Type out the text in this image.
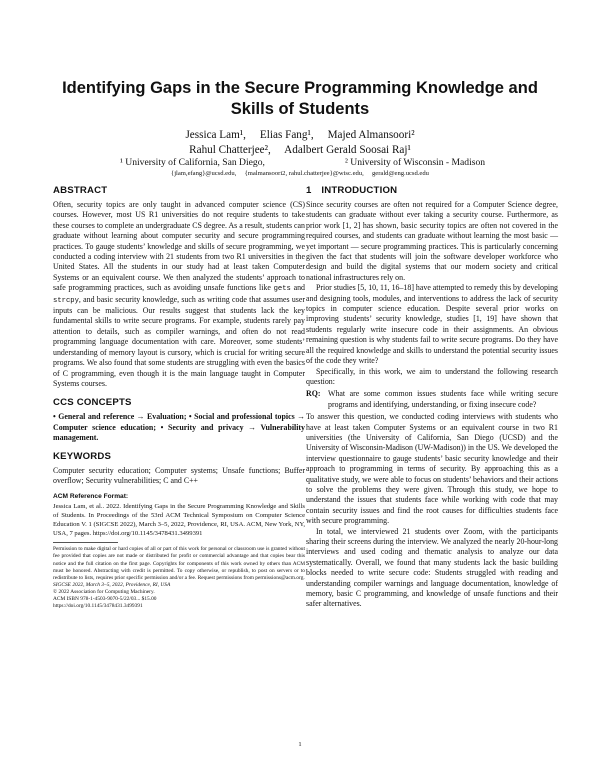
Identifying Gaps in the Secure Programming Knowledge and Skills of Students
Jessica Lam¹,  Elias Fang¹,  Majed Almansoori²
Rahul Chatterjee²,  Adalbert Gerald Soosai Raj¹
¹ University of California, San Diego,	² University of Wisconsin - Madison
{jlam,efang}@ucsd.edu,  {malmansoori2, rahul.chatterjee}@wisc.edu,  gerald@eng.ucsd.edu
ABSTRACT

Often, security topics are only taught in advanced computer science (CS) courses. However, most US R1 universities do not require students to take these courses to complete an undergraduate CS degree. As a result, students can graduate without learning about computer security and secure programming practices. To gauge students’ knowledge and skills of secure programming, we conducted a coding interview with 21 students from two R1 universities in the United States. All the students in our study had at least taken Computer Systems or an equivalent course. We then analyzed the students’ approach to safe programming practices, such as avoiding unsafe functions like gets and strcpy, and basic security knowledge, such as writing code that assumes user inputs can be malicious. Our results suggest that students lack the key fundamental skills to write secure programs. For example, students rarely pay attention to details, such as compiler warnings, and often do not read programming language documentation with care. Moreover, some students’ understanding of memory layout is cursory, which is crucial for writing secure programs. We also found that some students are struggling with even the basics of C programming, even though it is the main language taught in Computer Systems courses.

CCS CONCEPTS

• General and reference → Evaluation; • Social and professional topics → Computer science education; • Security and privacy → Vulnerability management.

KEYWORDS

Computer security education; Computer systems; Unsafe functions; Buffer overflow; Security vulnerabilities; C and C++

ACM Reference Format:

Jessica Lam, et al.. 2022. Identifying Gaps in the Secure Programming Knowledge and Skills of Students. In Proceedings of the 53rd ACM Technical Symposium on Computer Science Education V. 1 (SIGCSE 2022), March 3–5, 2022, Providence, RI, USA. ACM, New York, NY, USA, 7 pages. https://doi.org/10.1145/3478431.3499391

Permission to make digital or hard copies of all or part of this work for personal or classroom use is granted without fee provided that copies are not made or distributed for profit or commercial advantage and that copies bear this notice and the full citation on the first page. Copyrights for components of this work owned by others than ACM must be honored. Abstracting with credit is permitted. To copy otherwise, or republish, to post on servers or to redistribute to lists, requires prior specific permission and/or a fee. Request permissions from permissions@acm.org.

SIGCSE 2022, March 3–5, 2022, Providence, RI, USA

© 2022 Association for Computing Machinery.

ACM ISBN 978-1-4503-9070-5/22/03... $15.00

https://doi.org/10.1145/3478431.3499391

1 INTRODUCTION

Since security courses are often not required for a Computer Science degree, students can graduate without ever taking a security course. Furthermore, as prior work [1, 2] has shown, basic security topics are often not covered in the required courses, and students can graduate without learning the most basic — yet important — secure programming practices. This is particularly concerning given the fact that students will join the software developer workforce who design and build the digital systems that our modern society and critical national infrastructures rely on.

Prior studies [5, 10, 11, 16–18] have attempted to remedy this by developing and designing tools, modules, and interventions to address the lack of security topics in computer science education. Despite several prior works on improving students’ security knowledge, studies [1, 19] have shown that students regularly write insecure code in their assignments. An obvious remaining question is why students fail to write secure programs. Do they have all the required knowledge and skills to understand the potential security issues of the code they write?

Specifically, in this work, we aim to understand the following research question:

RQ: What are some common issues students face while writing secure programs and identifying, understanding, or fixing insecure code?

To answer this question, we conducted coding interviews with students who have at least taken Computer Systems or an equivalent course in two R1 universities (the University of California, San Diego (UCSD) and the University of Wisconsin-Madison (UW-Madison)) in the US. We developed the interview questionnaire to gauge students’ basic security knowledge and their approach to programming in terms of security. By approaching this as a qualitative study, we were able to focus on students’ behaviors and their actions to solve the problems they were given. Through this study, we hope to understand the issues that students face while working with code that may contain security issues and find the root causes for difficulties students face with secure programming.

In total, we interviewed 21 students over Zoom, with the participants sharing their screens during the interview. We analyzed the nearly 20-hour-long interviews and used coding and thematic analysis to analyze our data systematically. Overall, we found that many students lack the basic building blocks needed to write secure code: Students struggled with reading and understanding compiler warnings and language documentation, knowledge of memory, basic C programming, and knowledge of unsafe functions and their safer alternatives.

1
